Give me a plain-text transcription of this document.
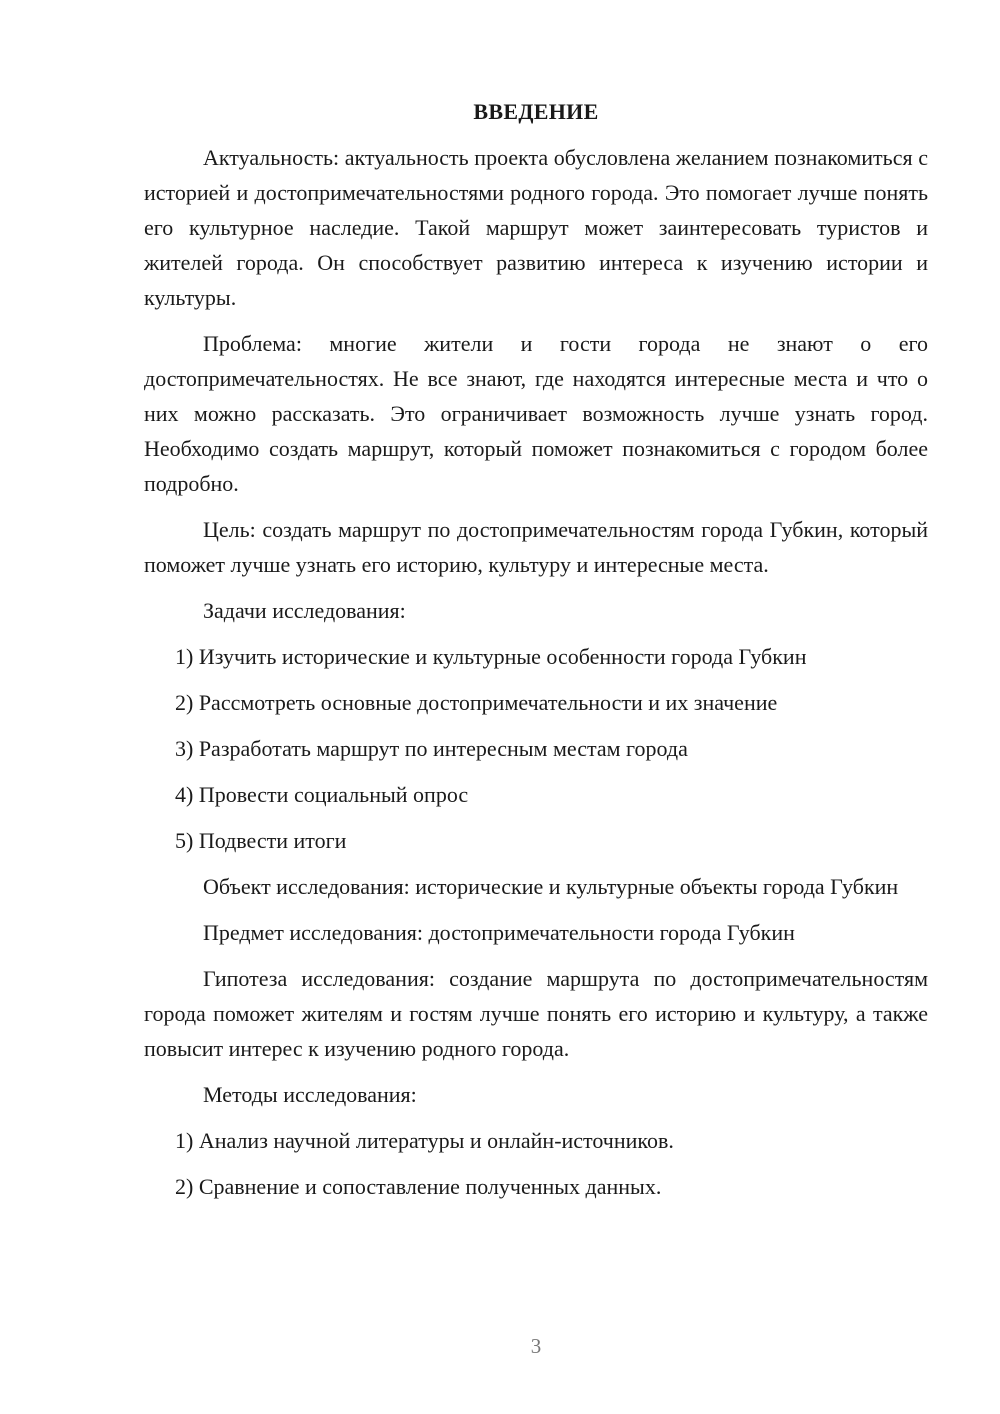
ВВЕДЕНИЕ

Актуальность: актуальность проекта обусловлена желанием познакомиться с историей и достопримечательностями родного города. Это помогает лучше понять его культурное наследие. Такой маршрут может заинтересовать туристов и жителей города. Он способствует развитию интереса к изучению истории и культуры.

Проблема: многие жители и гости города не знают о его достопримечательностях. Не все знают, где находятся интересные места и что о них можно рассказать. Это ограничивает возможность лучше узнать город. Необходимо создать маршрут, который поможет познакомиться с городом более подробно.

Цель: создать маршрут по достопримечательностям города Губкин, который поможет лучше узнать его историю, культуру и интересные места.

Задачи исследования:

1) Изучить исторические и культурные особенности города Губкин
2) Рассмотреть основные достопримечательности и их значение
3) Разработать маршрут по интересным местам города
4) Провести социальный опрос
5) Подвести итоги

Объект исследования: исторические и культурные объекты города Губкин

Предмет исследования: достопримечательности города Губкин

Гипотеза исследования: создание маршрута по достопримечательностям города поможет жителям и гостям лучше понять его историю и культуру, а также повысит интерес к изучению родного города.

Методы исследования:

1) Анализ научной литературы и онлайн-источников.
2) Сравнение и сопоставление полученных данных.
3
